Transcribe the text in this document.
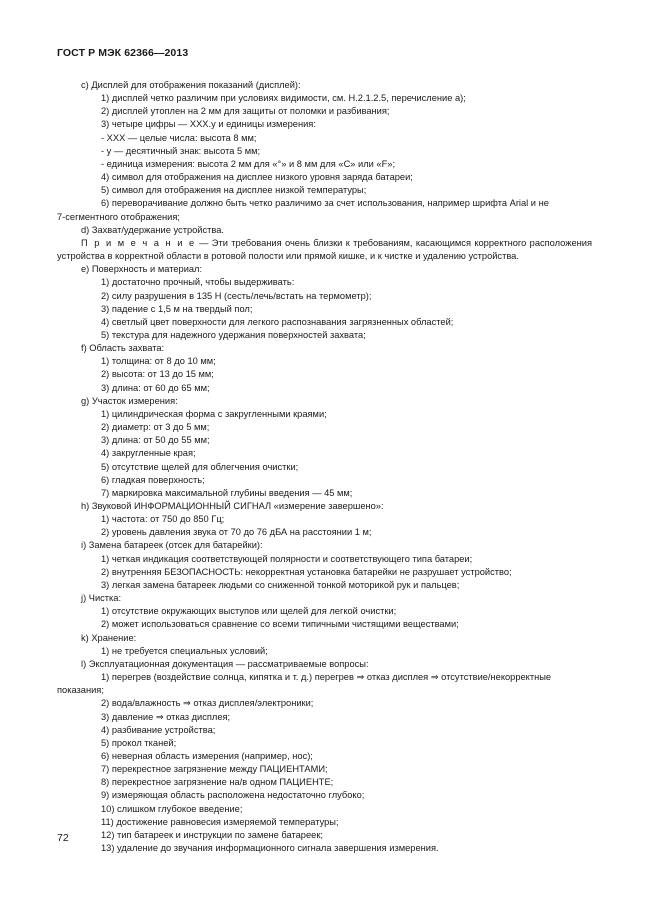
ГОСТ Р МЭК 62366—2013
c) Дисплей для отображения показаний (дисплей):
1) дисплей четко различим при условиях видимости, см. H.2.1.2.5, перечисление а);
2) дисплей утоплен на 2 мм для защиты от поломки и разбивания;
3) четыре цифры — XXX.y и единицы измерения:
- XXX — целые числа: высота 8 мм;
- y — десятичный знак: высота 5 мм;
- единица измерения: высота 2 мм для «°» и 8 мм для «C» или «F»;
4) символ для отображения на дисплее низкого уровня заряда батареи;
5) символ для отображения на дисплее низкой температуры;
6) переворачивание должно быть четко различимо за счет использования, например шрифта Arial и не
7-сегментного отображения;
d) Захват/удержание устройства.
П р и м е ч а н и е — Эти требования очень близки к требованиям, касающимся корректного расположения устройства в корректной области в ротовой полости или прямой кишке, и к чистке и удалению устройства.
e) Поверхность и материал:
1) достаточно прочный, чтобы выдерживать:
2) силу разрушения в 135 Н (сесть/лечь/встать на термометр);
3) падение с 1,5 м на твердый пол;
4) светлый цвет поверхности для легкого распознавания загрязненных областей;
5) текстура для надежного удержания поверхностей захвата;
f) Область захвата:
1) толщина: от 8 до 10 мм;
2) высота: от 13 до 15 мм;
3) длина: от 60 до 65 мм;
g) Участок измерения:
1) цилиндрическая форма с закругленными краями;
2) диаметр: от 3 до 5 мм;
3) длина: от 50 до 55 мм;
4) закругленные края;
5) отсутствие щелей для облегчения очистки;
6) гладкая поверхность;
7) маркировка максимальной глубины введения — 45 мм;
h) Звуковой ИНФОРМАЦИОННЫЙ СИГНАЛ «измерение завершено»:
1) частота: от 750 до 850 Гц;
2) уровень давления звука от 70 до 76 дБА на расстоянии 1 м;
i) Замена батареек (отсек для батарейки):
1) четкая индикация соответствующей полярности и соответствующего типа батареи;
2) внутренняя БЕЗОПАСНОСТЬ: некорректная установка батарейки не разрушает устройство;
3) легкая замена батареек людьми со сниженной тонкой моторикой рук и пальцев;
j) Чистка:
1) отсутствие окружающих выступов или щелей для легкой очистки;
2) может использоваться сравнение со всеми типичными чистящими веществами;
k) Хранение:
1) не требуется специальных условий;
l) Эксплуатационная документация — рассматриваемые вопросы:
1) перегрев (воздействие солнца, кипятка и т. д.) перегрев ⇒ отказ дисплея ⇒ отсутствие/некорректные
показания;
2) вода/влажность ⇒ отказ дисплея/электроники;
3) давление ⇒ отказ дисплея;
4) разбивание устройства;
5) прокол тканей;
6) неверная область измерения (например, нос);
7) перекрестное загрязнение между ПАЦИЕНТАМИ;
8) перекрестное загрязнение на/в одном ПАЦИЕНТЕ;
9) измеряющая область расположена недостаточно глубоко;
10) слишком глубокое введение;
11) достижение равновесия измеряемой температуры;
12) тип батареек и инструкции по замене батареек;
13) удаление до звучания информационного сигнала завершения измерения.
72
